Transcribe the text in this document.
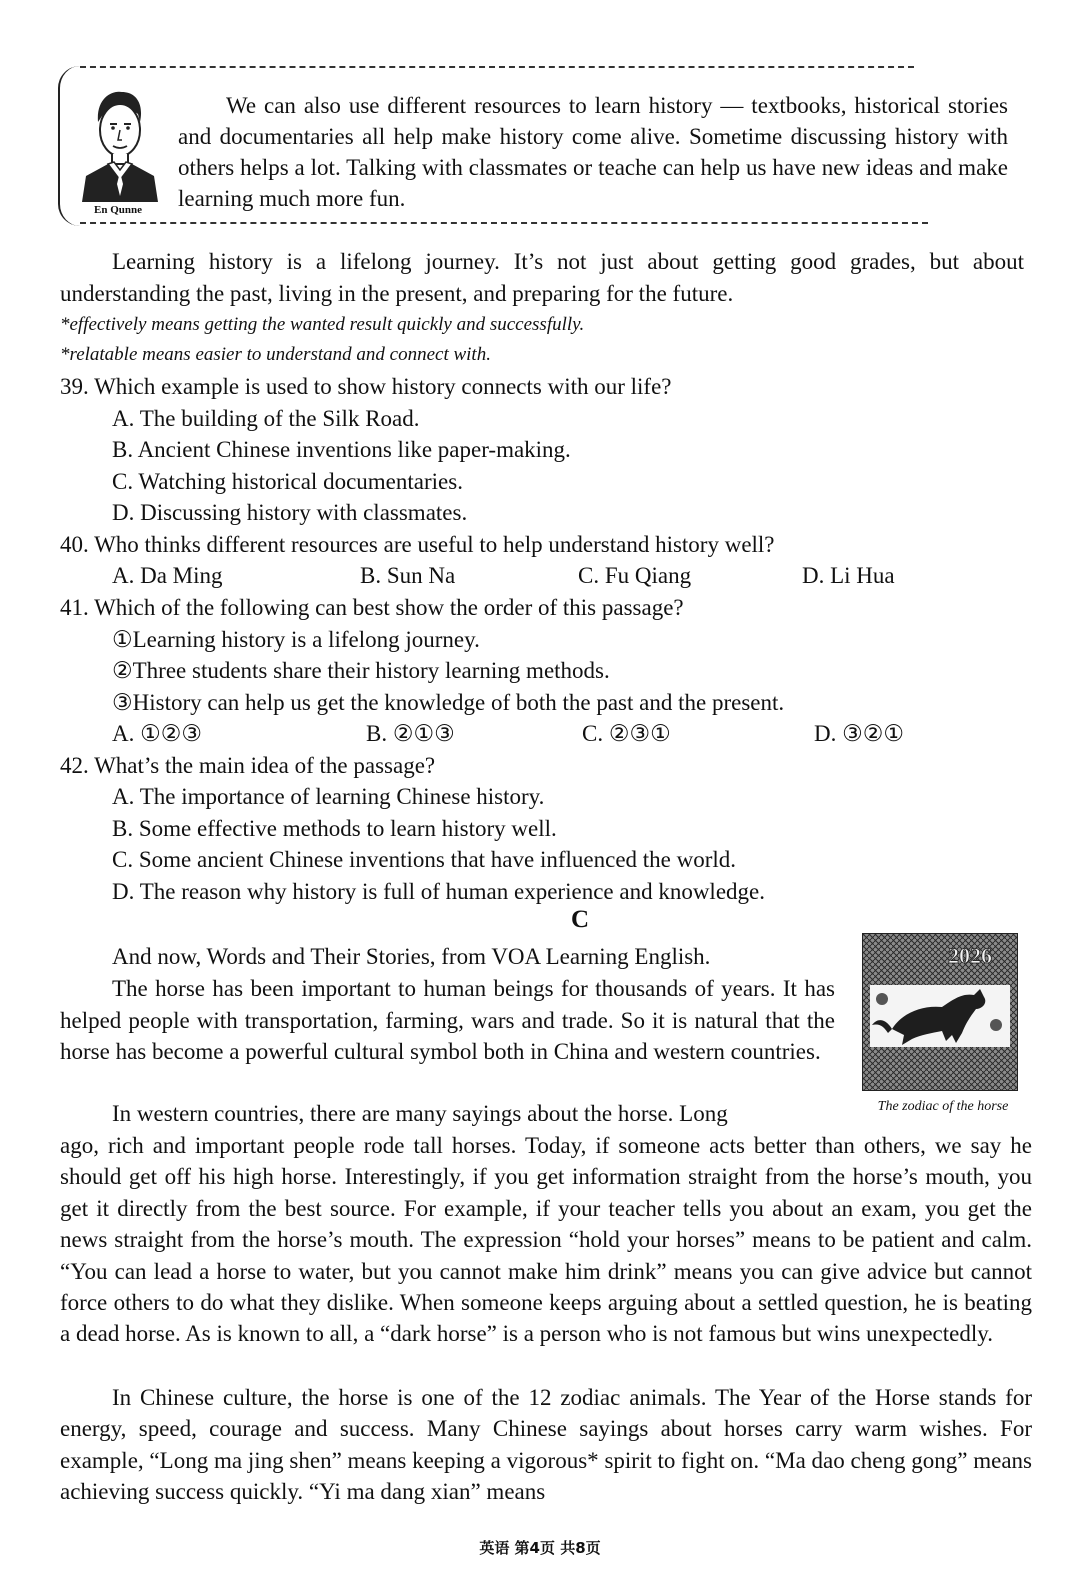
En Qunne
We can also use different resources to learn history — textbooks, historical stories and documentaries all help make history come alive. Sometime discussing history with others helps a lot. Talking with classmates or teache can help us have new ideas and make learning much more fun.
Learning history is a lifelong journey. It’s not just about getting good grades, but about understanding the past, living in the present, and preparing for the future.
*effectively means getting the wanted result quickly and successfully.
*relatable means easier to understand and connect with.
39. Which example is used to show history connects with our life?
A. The building of the Silk Road.
B. Ancient Chinese inventions like paper-making.
C. Watching historical documentaries.
D. Discussing history with classmates.
40. Who thinks different resources are useful to help understand history well?
A. Da Ming	B. Sun Na	C. Fu Qiang	D. Li Hua
41. Which of the following can best show the order of this passage?
①Learning history is a lifelong journey.
②Three students share their history learning methods.
③History can help us get the knowledge of both the past and the present.
A. ①②③	B. ②①③	C. ②③①	D. ③②①
42. What’s the main idea of the passage?
A. The importance of learning Chinese history.
B. Some effective methods to learn history well.
C. Some ancient Chinese inventions that have influenced the world.
D. The reason why history is full of human experience and knowledge.
C
2026
The zodiac of the horse
And now, Words and Their Stories, from VOA Learning English.
The horse has been important to human beings for thousands of years. It has helped people with transportation, farming, wars and trade. So it is natural that the horse has become a powerful cultural symbol both in China and western countries.
In western countries, there are many sayings about the horse. Long
ago, rich and important people rode tall horses. Today, if someone acts better than others, we say he should get off his high horse. Interestingly, if you get information straight from the horse’s mouth, you get it directly from the best source. For example, if your teacher tells you about an exam, you get the news straight from the horse’s mouth. The expression “hold your horses” means to be patient and calm. “You can lead a horse to water, but you cannot make him drink” means you can give advice but cannot force others to do what they dislike. When someone keeps arguing about a settled question, he is beating a dead horse. As is known to all, a “dark horse” is a person who is not famous but wins unexpectedly.
In Chinese culture, the horse is one of the 12 zodiac animals. The Year of the Horse stands for energy, speed, courage and success. Many Chinese sayings about horses carry warm wishes. For example, “Long ma jing shen” means keeping a vigorous* spirit to fight on. “Ma dao cheng gong” means achieving success quickly. “Yi ma dang xian” means
英语 第4页 共8页
